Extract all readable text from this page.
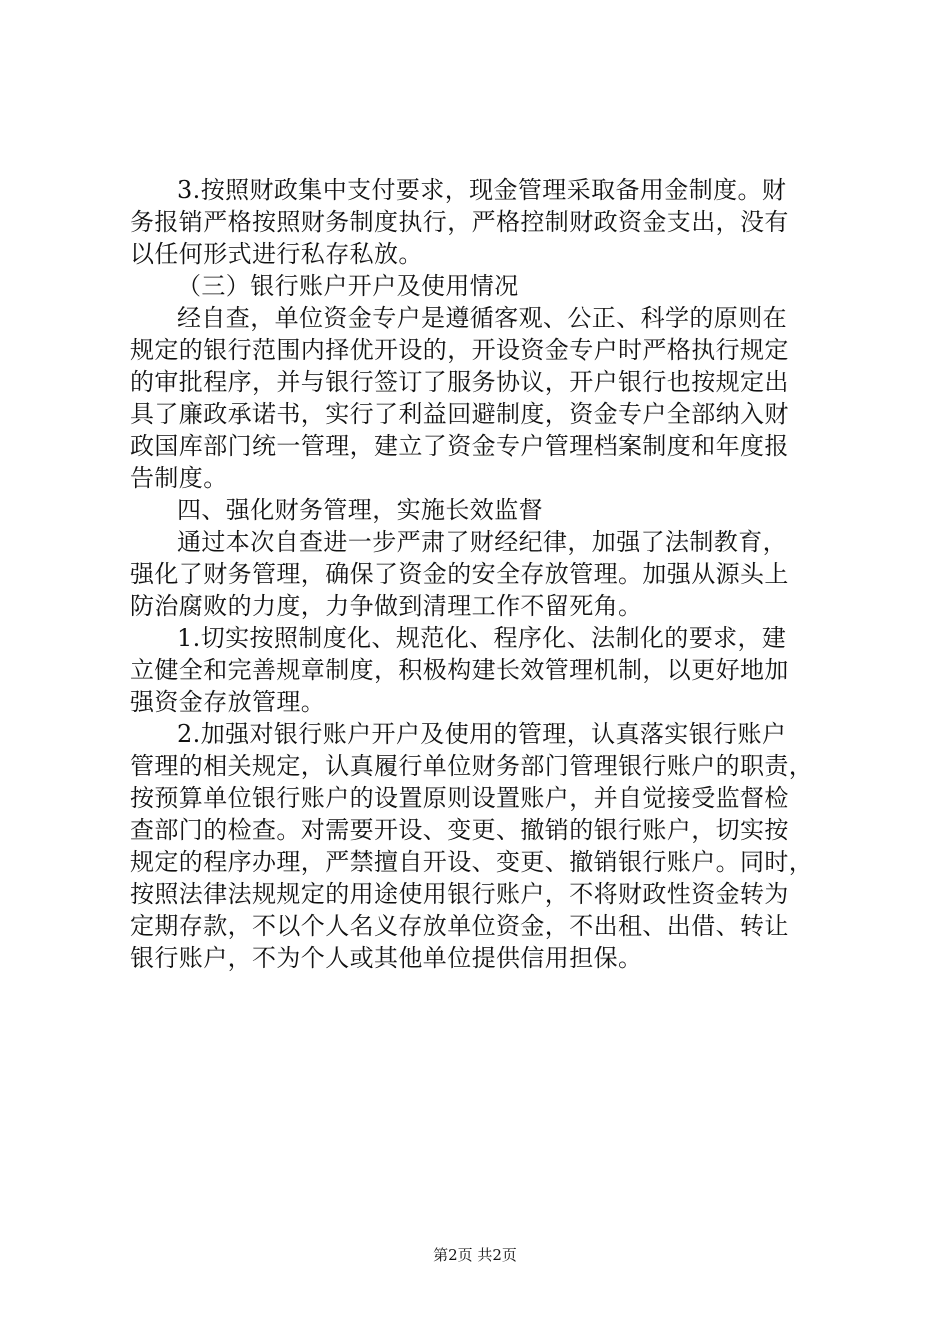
3.按照财政集中支付要求，现金管理采取备用金制度。财
务报销严格按照财务制度执行，严格控制财政资金支出，没有
以任何形式进行私存私放。
（三）银行账户开户及使用情况
经自查，单位资金专户是遵循客观、公正、科学的原则在
规定的银行范围内择优开设的，开设资金专户时严格执行规定
的审批程序，并与银行签订了服务协议，开户银行也按规定出
具了廉政承诺书，实行了利益回避制度，资金专户全部纳入财
政国库部门统一管理，建立了资金专户管理档案制度和年度报
告制度。
四、强化财务管理，实施长效监督
通过本次自查进一步严肃了财经纪律，加强了法制教育，
强化了财务管理，确保了资金的安全存放管理。加强从源头上
防治腐败的力度，力争做到清理工作不留死角。
1.切实按照制度化、规范化、程序化、法制化的要求，建
立健全和完善规章制度，积极构建长效管理机制，以更好地加
强资金存放管理。
2.加强对银行账户开户及使用的管理，认真落实银行账户
管理的相关规定，认真履行单位财务部门管理银行账户的职责，
按预算单位银行账户的设置原则设置账户，并自觉接受监督检
查部门的检查。对需要开设、变更、撤销的银行账户，切实按
规定的程序办理，严禁擅自开设、变更、撤销银行账户。同时，
按照法律法规规定的用途使用银行账户，不将财政性资金转为
定期存款，不以个人名义存放单位资金，不出租、出借、转让
银行账户，不为个人或其他单位提供信用担保。
第2页 共2页
